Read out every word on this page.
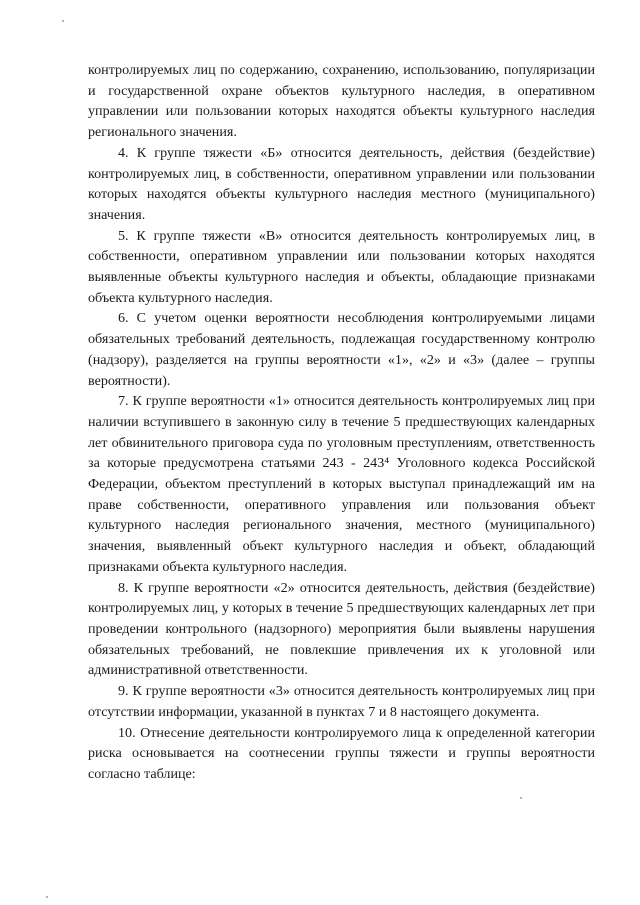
контролируемых лиц по содержанию, сохранению, использованию, популяризации и государственной охране объектов культурного наследия, в оперативном управлении или пользовании которых находятся объекты культурного наследия регионального значения.

4. К группе тяжести «Б» относится деятельность, действия (бездействие) контролируемых лиц, в собственности, оперативном управлении или пользовании которых находятся объекты культурного наследия местного (муниципального) значения.

5. К группе тяжести «В» относится деятельность контролируемых лиц, в собственности, оперативном управлении или пользовании которых находятся выявленные объекты культурного наследия и объекты, обладающие признаками объекта культурного наследия.

6. С учетом оценки вероятности несоблюдения контролируемыми лицами обязательных требований деятельность, подлежащая государственному контролю (надзору), разделяется на группы вероятности «1», «2» и «3» (далее – группы вероятности).

7. К группе вероятности «1» относится деятельность контролируемых лиц при наличии вступившего в законную силу в течение 5 предшествующих календарных лет обвинительного приговора суда по уголовным преступлениям, ответственность за которые предусмотрена статьями 243 - 243⁴ Уголовного кодекса Российской Федерации, объектом преступлений в которых выступал принадлежащий им на праве собственности, оперативного управления или пользования объект культурного наследия регионального значения, местного (муниципального) значения, выявленный объект культурного наследия и объект, обладающий признаками объекта культурного наследия.

8. К группе вероятности «2» относится деятельность, действия (бездействие) контролируемых лиц, у которых в течение 5 предшествующих календарных лет при проведении контрольного (надзорного) мероприятия были выявлены нарушения обязательных требований, не повлекшие привлечения их к уголовной или административной ответственности.

9. К группе вероятности «3» относится деятельность контролируемых лиц при отсутствии информации, указанной в пунктах 7 и 8 настоящего документа.

10. Отнесение деятельности контролируемого лица к определенной категории риска основывается на соотнесении группы тяжести и группы вероятности согласно таблице:
